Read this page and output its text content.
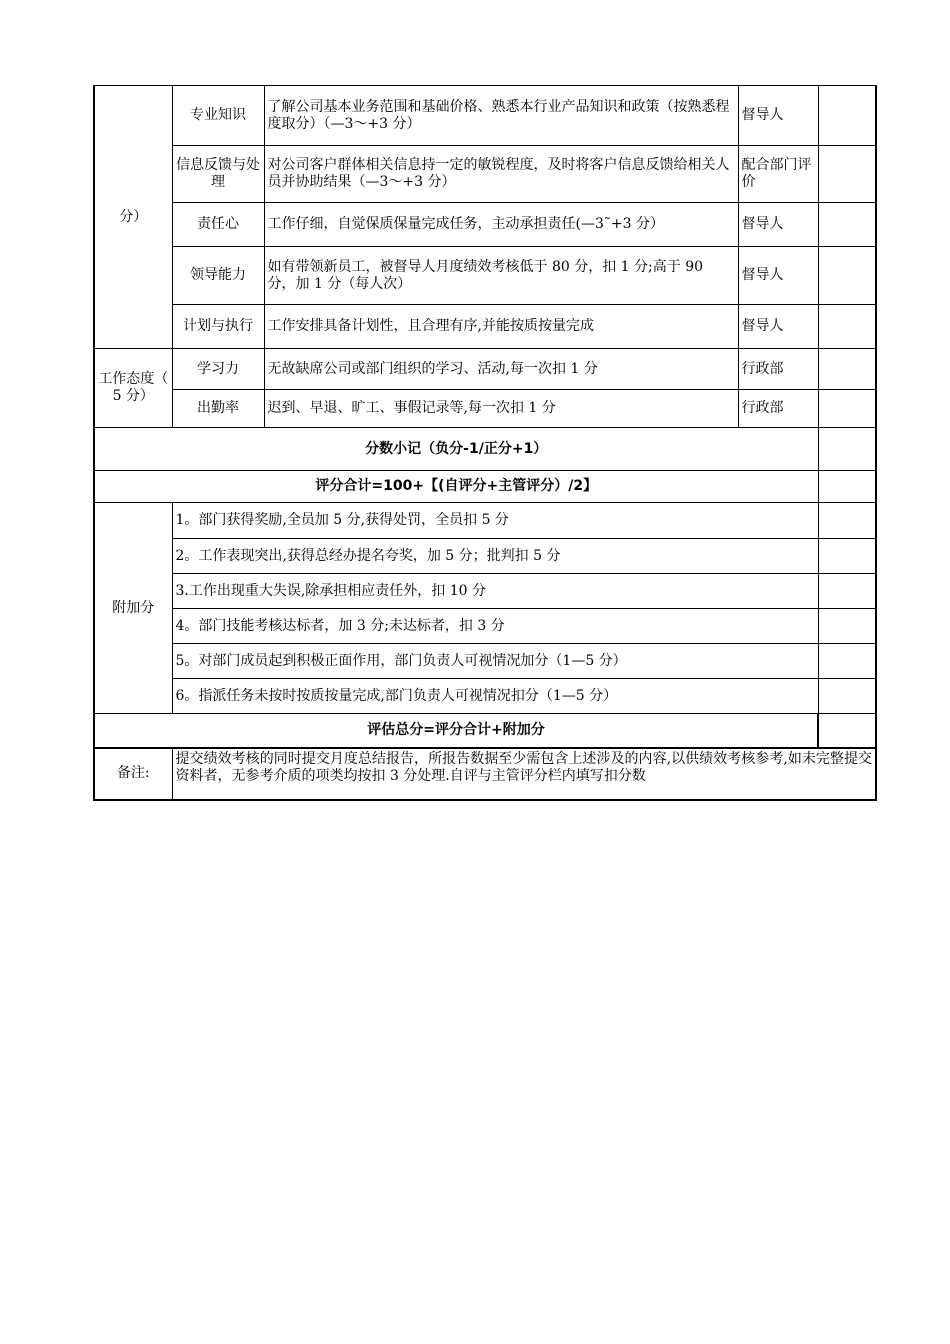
分）	专业知识	了解公司基本业务范围和基础价格、熟悉本行业产品知识和政策（按熟悉程度取分）（—3～+3 分）	督导人	
	信息反馈与处理	对公司客户群体相关信息持一定的敏锐程度，及时将客户信息反馈给相关人员并协助结果（—3～+3 分）	配合部门评价	
	责任心	工作仔细，自觉保质保量完成任务，主动承担责任(—3˜+3 分）	督导人	
	领导能力	如有带领新员工，被督导人月度绩效考核低于 80 分，扣 1 分;高于 90 分，加 1 分（每人次）	督导人	
	计划与执行	工作安排具备计划性，且合理有序,并能按质按量完成	督导人	
工作态度（ 5 分）	学习力	无故缺席公司或部门组织的学习、活动,每一次扣 1 分	行政部	
	出勤率	迟到、早退、旷工、事假记录等,每一次扣 1 分	行政部	
分数小记（负分-1/正分+1）				
评分合计=100+【(自评分+主管评分）/2】				
附加分	1。部门获得奖励,全员加 5 分,获得处罚，全员扣 5 分			
	2。工作表现突出,获得总经办提名夸奖，加 5 分；批判扣 5 分			
	3.工作出现重大失误,除承担相应责任外，扣 10 分			
	4。部门技能考核达标者，加 3 分;未达标者，扣 3 分			
	5。对部门成员起到积极正面作用，部门负责人可视情况加分（1—5 分）			
	6。指派任务未按时按质按量完成,部门负责人可视情况扣分（1—5 分）			
评估总分=评分合计+附加分				
备注:	提交绩效考核的同时提交月度总结报告，所报告数据至少需包含上述涉及的内容,以供绩效考核参考,如未完整提交资料者，无参考介质的项类均按扣 3 分处理.自评与主管评分栏内填写扣分数			
